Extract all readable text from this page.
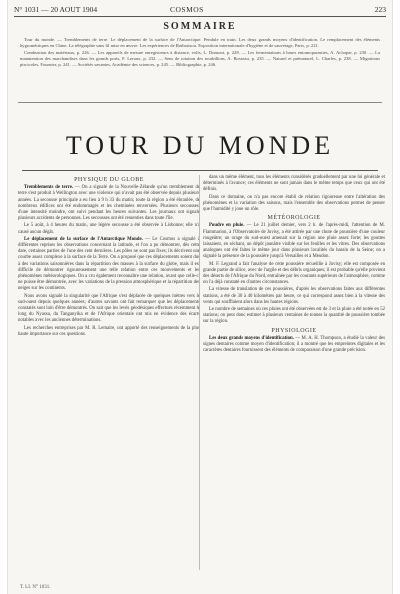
N° 1031 — 20 AOUT 1904	COSMOS	223
SOMMAIRE

Tour du monde. — Tremblements de terre. Le déplacement de la surface de l'Antarctique. Pendule en train. Les deux grands moyens d'identification. Le remplacement des éléments hygrométriques en Chine. La télégraphie sans fil mise en œuvre. Les expériences de Barbarisou. Exposition internationale d'hygiène et de sauvetage, Paris, p. 221.

Combustion des matériaux, p. 226. — Les appareils de mesure enregistreurs à distance, volts, L. Dumont, p. 228. — Les fermentations à bases entomoparasites, A. Acloque, p. 230. — La manutention des marchandises dans les grands ports, F. Leroux, p. 232. — Sens de rotation des tourbillons, A. Bosseau, p. 235. — Naturel et prématurel, L. Charles, p. 238. — Migrations piscicoles, Fournier, p. 241. — Sociétés savantes, Académie des sciences, p. 245. — Bibliographie, p. 246.

TOUR DU MONDE
PHYSIQUE DU GLOBE

Tremblements de terre. — On a signalé de la Nouvelle-Zélande qu'un tremblement de terre s'est produit à Wellington avec une violence qui n'avait pas été observée depuis plusieurs années. La secousse principale a eu lieu à 9 h 33 du matin; toute la région a été ébranlée, de nombreux édifices ont été endommagés et les cheminées renversées. Plusieurs secousses, d'une intensité moindre, ont suivi pendant les heures suivantes. Les journaux ont signalé plusieurs accidents de personnes. Les secousses ont été ressenties dans toute l'île.

Le 5 août, à 4 heures du matin, une légère secousse a été observée à Lisbonne; elle n'a causé aucun dégât.

Le déplacement de la surface de l'Antarctique Monde. — Le Cosmos a signalé à différentes reprises les observations concernant la latitude, et l'on a pu démontrer, dès cette date, certaines parties de l'une des cent dernières. Les pôles ne sont pas fixes; ils décrivent une courbe assez complexe à la surface de la Terre. On a proposé que ces déplacements soient dus à des variations saisonnières dans la répartition des masses à la surface du globe, mais il est difficile de démontrer rigoureusement une telle relation entre ces mouvements et les phénomènes météorologiques. On a cru également reconnaître une relation, avant que celle-ci ne puisse être démontrée, avec les variations de la pression atmosphérique et la répartition des neiges sur les continents.

Nous avons signalé la singularité que l'Afrique s'est déplacée de quelques mètres vers le sud-ouest depuis quelques années; d'autres savants ont fait remarquer que les déplacements constatés sont loin d'être démontrés. On sait que les levés géodésiques effectués récemment le long du Nyassa, du Tanganyika et de l'Afrique orientale ont mis en évidence des écarts notables avec les anciennes déterminations.

Les recherches entreprises par M. R. Lemaire, ont apporté des renseignements de la plus haute importance sur ces questions.

dans un même élément, tous les éléments considérés graduellement par une loi générale et déterminés à l'avance; ces éléments ne sont jamais dans le même temps que ceux qui ont été définis.

Dans ce domaine, on n'a pas encore établi de relation rigoureuse entre l'altération des phénomènes et la variation des saisons, mais l'ensemble des observations permet de penser que l'humidité y joue un rôle.

MÉTÉOROLOGIE

Poudre en pluie. — Le 21 juillet dernier, vers 2 h. de l'après-midi, l'attention de M. Flammarion, à l'Observatoire de Juvisy, a été attirée par une chute de poussière d'une couleur rougeâtre; un orage du sud-ouest amenait sur la région une pluie assez forte; les gouttes laissaient, en séchant, un dépôt jaunâtre visible sur les feuilles et les vitres. Des observations analogues ont été faites le même jour dans plusieurs localités du bassin de la Seine; on a signalé la présence de la poussière jusqu'à Versailles et à Meudon.

M. F. Legrand a fait l'analyse de cette poussière recueillie à Juvisy; elle est composée en grande partie de silice, avec de l'argile et des débris organiques; il est probable qu'elle provient des déserts de l'Afrique du Nord, entraînée par les courants supérieurs de l'atmosphère, comme on l'a déjà constaté en d'autres circonstances.

La vitesse de translation de ces poussières, d'après les observations faites aux différentes stations, a été de 30 à 40 kilomètres par heure, ce qui correspond assez bien à la vitesse des vents qui soufflaient alors dans les hautes régions.

Le nombre de semaines où ces pluies ont été observées est de 3 et la pluie a été notée en 52 stations; on peut donc estimer à plusieurs centaines de tonnes la quantité de poussière tombée sur la région.

PHYSIOLOGIE

Les deux grands moyens d'identification. — M. A. H. Thompson, a étudié la valeur des signes dentaires comme moyen d'identification; il a montré que les empreintes digitales et les caractères dentaires fournissent des éléments de comparaison d'une grande précision.

T. LI. N° 1031.
